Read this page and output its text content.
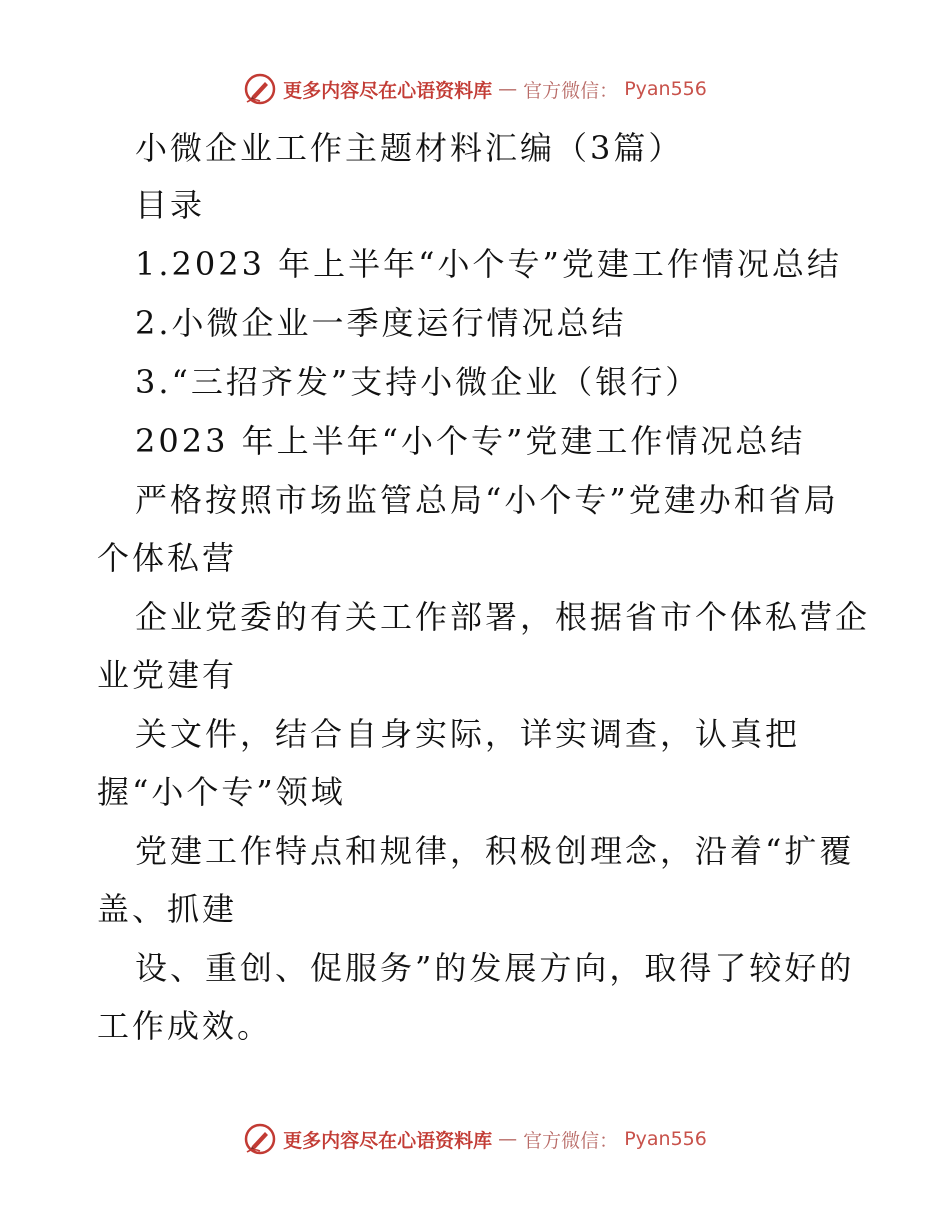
更多内容尽在心语资料库 — 官方微信： Pyan556
小微企业工作主题材料汇编（3篇）
目录
1.2023 年上半年“小个专”党建工作情况总结
2.小微企业一季度运行情况总结
3.“三招齐发”支持小微企业（银行）
2023 年上半年“小个专”党建工作情况总结
严格按照市场监管总局“小个专”党建办和省局
个体私营
企业党委的有关工作部署，根据省市个体私营企
业党建有
关文件，结合自身实际，详实调查，认真把
握“小个专”领域
党建工作特点和规律，积极创理念，沿着“扩覆
盖、抓建
设、重创、促服务”的发展方向，取得了较好的
工作成效。
更多内容尽在心语资料库 — 官方微信： Pyan556
